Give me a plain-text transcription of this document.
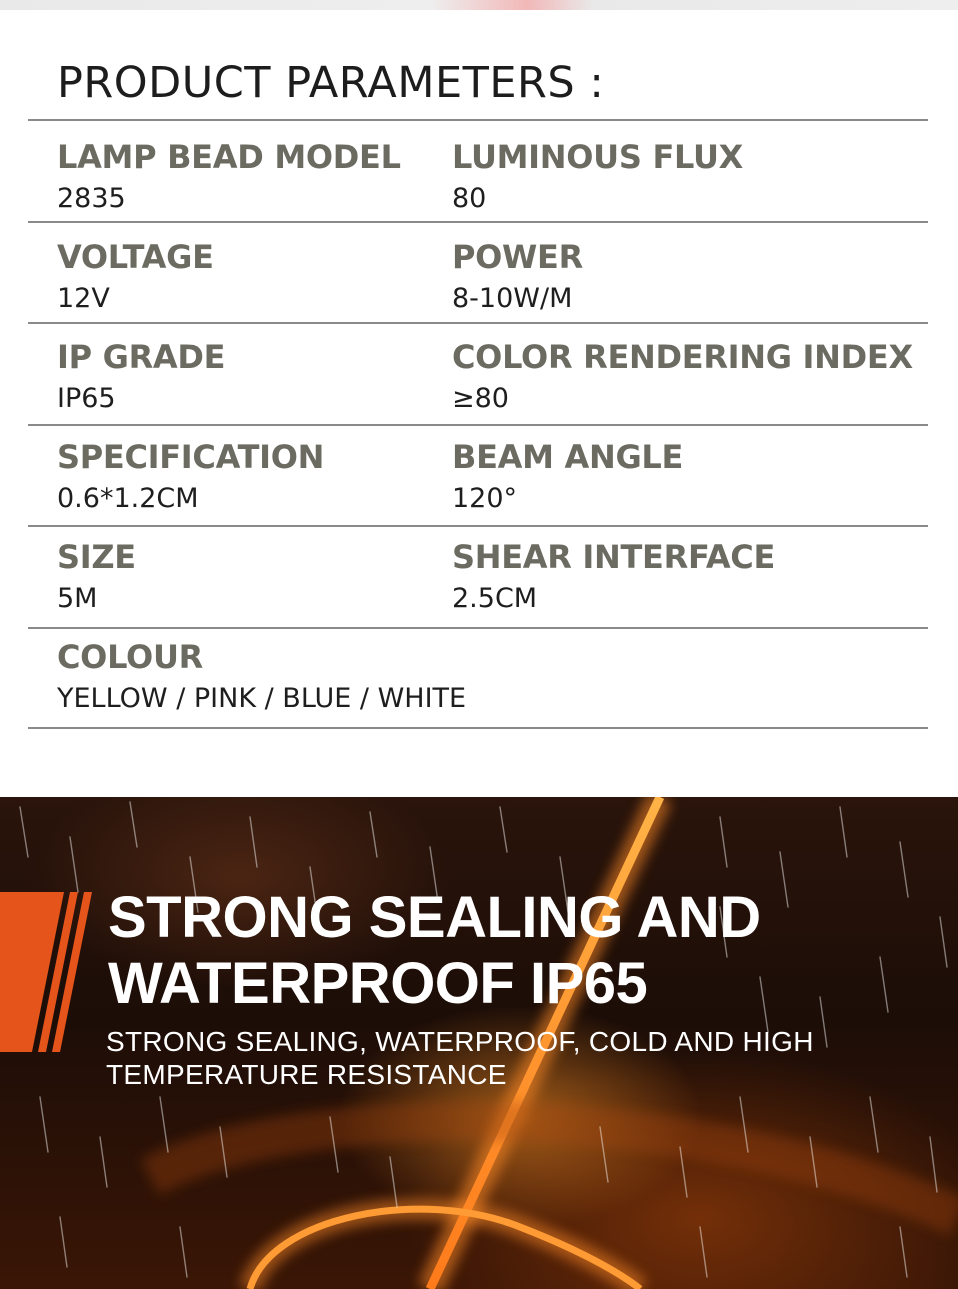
PRODUCT PARAMETERS :
LAMP BEAD MODEL
2835
LUMINOUS FLUX
80
VOLTAGE
12V
POWER
8-10W/M
IP GRADE
IP65
COLOR RENDERING INDEX
≥80
SPECIFICATION
0.6*1.2CM
BEAM ANGLE
120°
SIZE
5M
SHEAR INTERFACE
2.5CM
COLOUR
YELLOW / PINK / BLUE / WHITE
STRONG SEALING AND
WATERPROOF IP65

STRONG SEALING, WATERPROOF, COLD AND HIGH TEMPERATURE RESISTANCE
